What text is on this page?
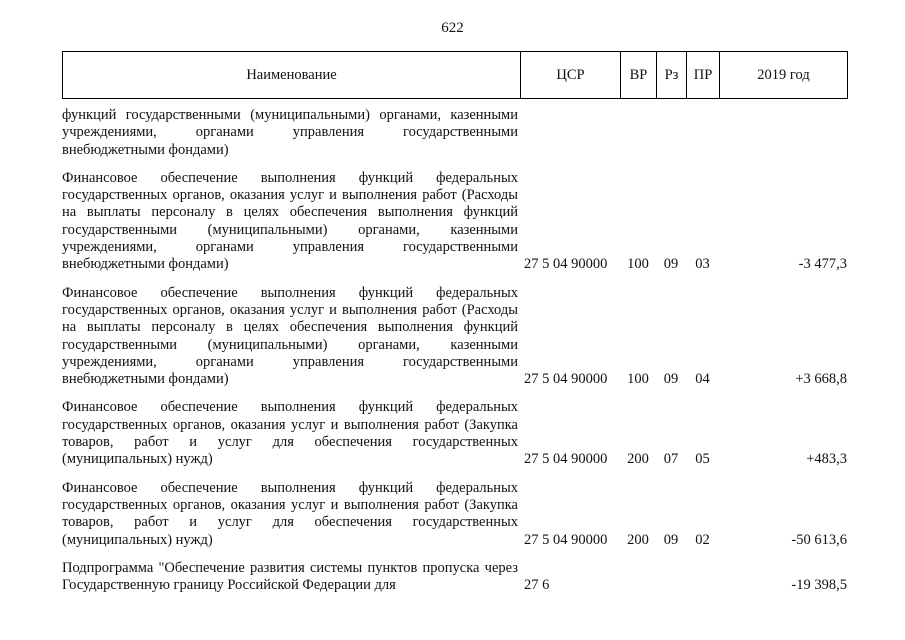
622
Наименование	ЦСР	ВР	Рз	ПР	2019 год
функций государственными (муниципальными) органами, казенными учреждениями, органами управления государственными внебюджетными фондами)					
Финансовое обеспечение выполнения функций федеральных государственных органов, оказания услуг и выполнения работ (Расходы на выплаты персоналу в целях обеспечения выполнения функций государственными (муниципальными) органами, казенными учреждениями, органами управления государственными внебюджетными фондами)	27 5 04 90000	100	09	03	-3 477,3
Финансовое обеспечение выполнения функций федеральных государственных органов, оказания услуг и выполнения работ (Расходы на выплаты персоналу в целях обеспечения выполнения функций государственными (муниципальными) органами, казенными учреждениями, органами управления государственными внебюджетными фондами)	27 5 04 90000	100	09	04	+3 668,8
Финансовое обеспечение выполнения функций федеральных государственных органов, оказания услуг и выполнения работ (Закупка товаров, работ и услуг для обеспечения государственных (муниципальных) нужд)	27 5 04 90000	200	07	05	+483,3
Финансовое обеспечение выполнения функций федеральных государственных органов, оказания услуг и выполнения работ (Закупка товаров, работ и услуг для обеспечения государственных (муниципальных) нужд)	27 5 04 90000	200	09	02	-50 613,6
Подпрограмма "Обеспечение развития системы пунктов пропуска через Государственную границу Российской Федерации для	27 6				-19 398,5
